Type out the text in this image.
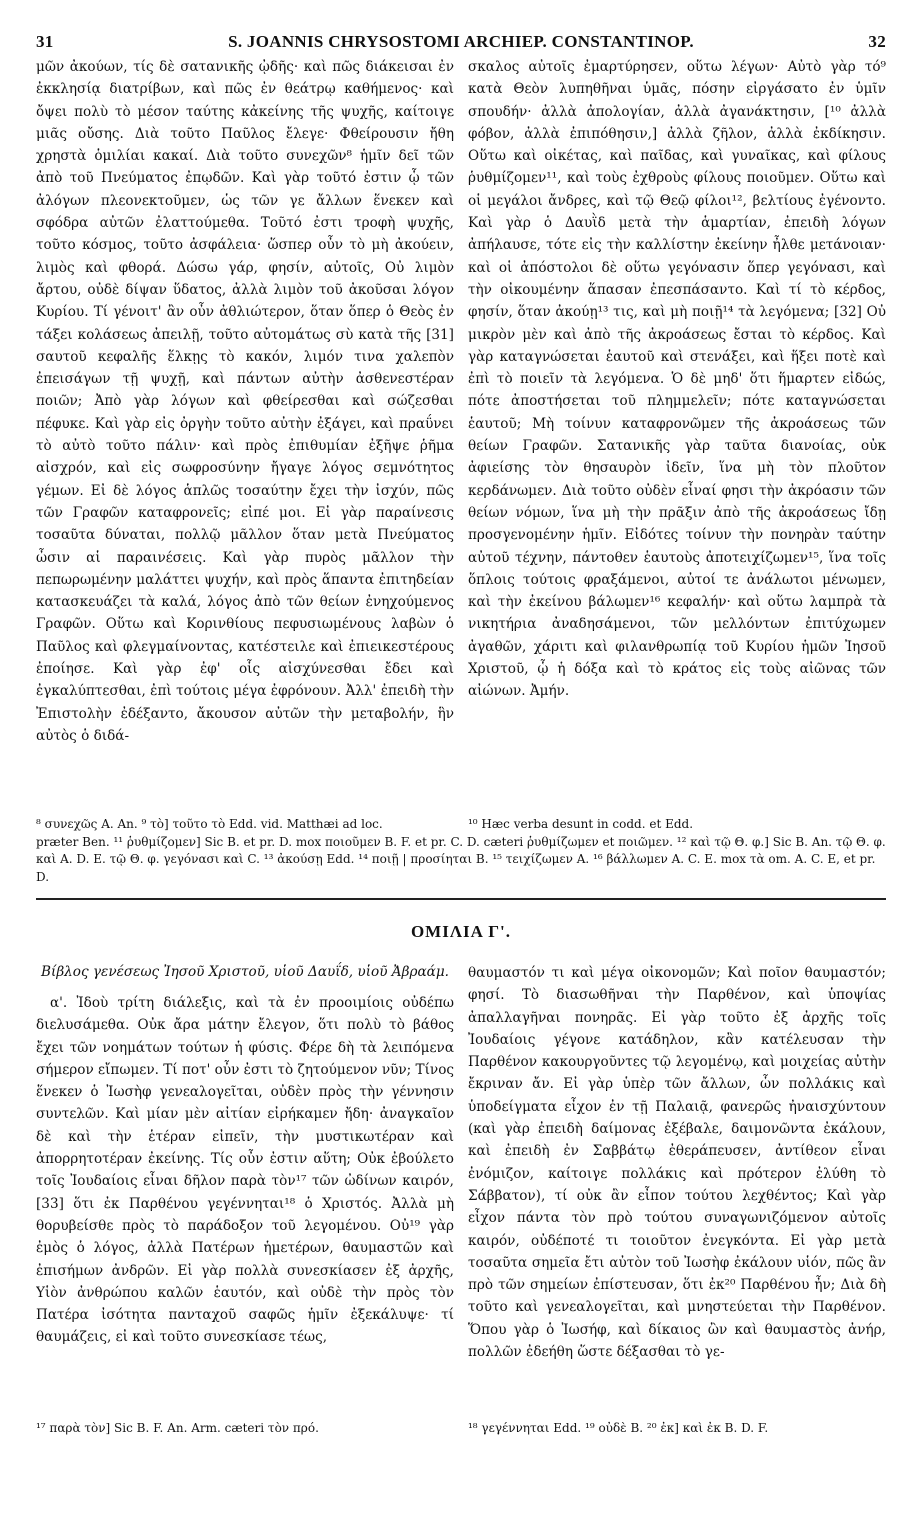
31	S. JOANNIS CHRYSOSTOMI ARCHIEP. CONSTANTINOP.	32

μῶν ἀκούων, τίς δὲ σατανικῆς ᾠδῆς· καὶ πῶς διάκεισαι ἐν ἐκκλησίᾳ διατρίβων, καὶ πῶς ἐν θεάτρῳ καθήμενος· καὶ ὄψει πολὺ τὸ μέσον ταύτης κἀκείνης τῆς ψυχῆς, καίτοιγε μιᾶς οὔσης. Διὰ τοῦτο Παῦλος ἔλεγε· Φθείρουσιν ἤθη χρηστὰ ὁμιλίαι κακαί. Διὰ τοῦτο συνεχῶν⁸ ἡμῖν δεῖ τῶν ἀπὸ τοῦ Πνεύματος ἐπῳδῶν. Καὶ γὰρ τοῦτό ἐστιν ᾧ τῶν ἀλόγων πλεονεκτοῦμεν, ὡς τῶν γε ἄλλων ἕνεκεν καὶ σφόδρα αὐτῶν ἐλαττούμεθα. Τοῦτό ἐστι τροφὴ ψυχῆς, τοῦτο κόσμος, τοῦτο ἀσφάλεια· ὥσπερ οὖν τὸ μὴ ἀκούειν, λιμὸς καὶ φθορά. Δώσω γάρ, φησίν, αὐτοῖς, Οὐ λιμὸν ἄρτου, οὐδὲ δίψαν ὕδατος, ἀλλὰ λιμὸν τοῦ ἀκοῦσαι λόγον Κυρίου. Τί γένοιτ' ἂν οὖν ἀθλιώτερον, ὅταν ὅπερ ὁ Θεὸς ἐν τάξει κολάσεως ἀπειλῇ, τοῦτο αὐτομάτως σὺ κατὰ τῆς [31] σαυτοῦ κεφαλῆς ἕλκῃς τὸ κακόν, λιμόν τινα χαλεπὸν ἐπεισάγων τῇ ψυχῇ, καὶ πάντων αὐτὴν ἀσθενεστέραν ποιῶν; Ἀπὸ γὰρ λόγων καὶ φθείρεσθαι καὶ σώζεσθαι πέφυκε. Καὶ γὰρ εἰς ὀργὴν τοῦτο αὐτὴν ἐξάγει, καὶ πραΰνει τὸ αὐτὸ τοῦτο πάλιν· καὶ πρὸς ἐπιθυμίαν ἐξῆψε ῥῆμα αἰσχρόν, καὶ εἰς σωφροσύνην ἤγαγε λόγος σεμνότητος γέμων. Εἰ δὲ λόγος ἁπλῶς τοσαύτην ἔχει τὴν ἰσχύν, πῶς τῶν Γραφῶν καταφρονεῖς; εἰπέ μοι. Εἰ γὰρ παραίνεσις τοσαῦτα δύναται, πολλῷ μᾶλλον ὅταν μετὰ Πνεύματος ὦσιν αἱ παραινέσεις. Καὶ γὰρ πυρὸς μᾶλλον τὴν πεπωρωμένην μαλάττει ψυχήν, καὶ πρὸς ἅπαντα ἐπιτηδείαν κατασκευάζει τὰ καλά, λόγος ἀπὸ τῶν θείων ἐνηχούμενος Γραφῶν. Οὕτω καὶ Κορινθίους πεφυσιωμένους λαβὼν ὁ Παῦλος καὶ φλεγμαίνοντας, κατέστειλε καὶ ἐπιεικεστέρους ἐποίησε. Καὶ γὰρ ἐφ' οἷς αἰσχύνεσθαι ἔδει καὶ ἐγκαλύπτεσθαι, ἐπὶ τούτοις μέγα ἐφρόνουν. Ἀλλ' ἐπειδὴ τὴν Ἐπιστολὴν ἐδέξαντο, ἄκουσον αὐτῶν τὴν μεταβολήν, ἣν αὐτὸς ὁ διδά-

σκαλος αὐτοῖς ἐμαρτύρησεν, οὕτω λέγων· Αὐτὸ γὰρ τό⁹ κατὰ Θεὸν λυπηθῆναι ὑμᾶς, πόσην εἰργάσατο ἐν ὑμῖν σπουδήν· ἀλλὰ ἀπολογίαν, ἀλλὰ ἀγανάκτησιν, [¹⁰ ἀλλὰ φόβον, ἀλλὰ ἐπιπόθησιν,] ἀλλὰ ζῆλον, ἀλλὰ ἐκδίκησιν. Οὕτω καὶ οἰκέτας, καὶ παῖδας, καὶ γυναῖκας, καὶ φίλους ῥυθμίζομεν¹¹, καὶ τοὺς ἐχθροὺς φίλους ποιοῦμεν. Οὕτω καὶ οἱ μεγάλοι ἄνδρες, καὶ τῷ Θεῷ φίλοι¹², βελτίους ἐγένοντο. Καὶ γὰρ ὁ Δαυῒδ μετὰ τὴν ἁμαρτίαν, ἐπειδὴ λόγων ἀπήλαυσε, τότε εἰς τὴν καλλίστην ἐκείνην ἦλθε μετάνοιαν· καὶ οἱ ἀπόστολοι δὲ οὕτω γεγόνασιν ὅπερ γεγόνασι, καὶ τὴν οἰκουμένην ἅπασαν ἐπεσπάσαντο. Καὶ τί τὸ κέρδος, φησίν, ὅταν ἀκούῃ¹³ τις, καὶ μὴ ποιῇ¹⁴ τὰ λεγόμενα; [32] Οὐ μικρὸν μὲν καὶ ἀπὸ τῆς ἀκροάσεως ἔσται τὸ κέρδος. Καὶ γὰρ καταγνώσεται ἑαυτοῦ καὶ στενάξει, καὶ ἥξει ποτὲ καὶ ἐπὶ τὸ ποιεῖν τὰ λεγόμενα. Ὁ δὲ μηδ' ὅτι ἥμαρτεν εἰδώς, πότε ἀποστήσεται τοῦ πλημμελεῖν; πότε καταγνώσεται ἑαυτοῦ; Μὴ τοίνυν καταφρονῶμεν τῆς ἀκροάσεως τῶν θείων Γραφῶν. Σατανικῆς γὰρ ταῦτα διανοίας, οὐκ ἀφιείσης τὸν θησαυρὸν ἰδεῖν, ἵνα μὴ τὸν πλοῦτον κερδάνωμεν. Διὰ τοῦτο οὐδὲν εἶναί φησι τὴν ἀκρόασιν τῶν θείων νόμων, ἵνα μὴ τὴν πρᾶξιν ἀπὸ τῆς ἀκροάσεως ἴδῃ προσγενομένην ἡμῖν. Εἰδότες τοίνυν τὴν πονηρὰν ταύτην αὐτοῦ τέχνην, πάντοθεν ἑαυτοὺς ἀποτειχίζωμεν¹⁵, ἵνα τοῖς ὅπλοις τούτοις φραξάμενοι, αὐτοί τε ἀνάλωτοι μένωμεν, καὶ τὴν ἐκείνου βάλωμεν¹⁶ κεφαλήν· καὶ οὕτω λαμπρὰ τὰ νικητήρια ἀναδησάμενοι, τῶν μελλόντων ἐπιτύχωμεν ἀγαθῶν, χάριτι καὶ φιλανθρωπίᾳ τοῦ Κυρίου ἡμῶν Ἰησοῦ Χριστοῦ, ᾧ ἡ δόξα καὶ τὸ κράτος εἰς τοὺς αἰῶνας τῶν αἰώνων. Ἀμήν.

⁸ συνεχῶς A. An. ⁹ τὸ] τοῦτο τὸ Edd. vid. Matthæi ad loc.	¹⁰ Hæc verba desunt in codd. et Edd.
præter Ben. ¹¹ ῥυθμίζομεν] Sic B. et pr. D. mox ποιοῦμεν B. F. et pr. C. D. cæteri ῥυθμίζωμεν et ποιῶμεν. ¹² καὶ τῷ Θ. φ.] Sic B. An. τῷ Θ. φ. καὶ A. D. E. τῷ Θ. φ. γεγόνασι καὶ C. ¹³ ἀκούσῃ Edd. ¹⁴ ποιῇ | προσίηται B. ¹⁵ τειχίζωμεν A. ¹⁶ βάλλωμεν A. C. E. mox τὰ om. A. C. E, et pr. D.
ΟΜΙΛΙΑ Γ'.
Βίβλος γενέσεως Ἰησοῦ Χριστοῦ, υἱοῦ Δαυΐδ, υἱοῦ Ἀβραάμ.

α'. Ἰδοὺ τρίτη διάλεξις, καὶ τὰ ἐν προοιμίοις οὐδέπω διελυσάμεθα. Οὐκ ἄρα μάτην ἔλεγον, ὅτι πολὺ τὸ βάθος ἔχει τῶν νοημάτων τούτων ἡ φύσις. Φέρε δὴ τὰ λειπόμενα σήμερον εἴπωμεν. Τί ποτ' οὖν ἐστι τὸ ζητούμενον νῦν; Τίνος ἕνεκεν ὁ Ἰωσὴφ γενεαλογεῖται, οὐδὲν πρὸς τὴν γέννησιν συντελῶν. Καὶ μίαν μὲν αἰτίαν εἰρήκαμεν ἤδη· ἀναγκαῖον δὲ καὶ τὴν ἑτέραν εἰπεῖν, τὴν μυστικωτέραν καὶ ἀπορρητοτέραν ἐκείνης. Τίς οὖν ἐστιν αὕτη; Οὐκ ἐβούλετο τοῖς Ἰουδαίοις εἶναι δῆλον παρὰ τὸν¹⁷ τῶν ὠδίνων καιρόν, [33] ὅτι ἐκ Παρθένου γεγέννηται¹⁸ ὁ Χριστός. Ἀλλὰ μὴ θορυβείσθε πρὸς τὸ παράδοξον τοῦ λεγομένου. Οὐ¹⁹ γὰρ ἐμὸς ὁ λόγος, ἀλλὰ Πατέρων ἡμετέρων, θαυμαστῶν καὶ ἐπισήμων ἀνδρῶν. Εἰ γὰρ πολλὰ συνεσκίασεν ἐξ ἀρχῆς, Υἱὸν ἀνθρώπου καλῶν ἑαυτόν, καὶ οὐδὲ τὴν πρὸς τὸν Πατέρα ἰσότητα πανταχοῦ σαφῶς ἡμῖν ἐξεκάλυψε· τί θαυμάζεις, εἰ καὶ τοῦτο συνεσκίασε τέως,

θαυμαστόν τι καὶ μέγα οἰκονομῶν; Καὶ ποῖον θαυμαστόν; φησί. Τὸ διασωθῆναι τὴν Παρθένον, καὶ ὑποψίας ἀπαλλαγῆναι πονηρᾶς. Εἰ γὰρ τοῦτο ἐξ ἀρχῆς τοῖς Ἰουδαίοις γέγονε κατάδηλον, κἂν κατέλευσαν τὴν Παρθένον κακουργοῦντες τῷ λεγομένῳ, καὶ μοιχείας αὐτὴν ἔκριναν ἄν. Εἰ γὰρ ὑπὲρ τῶν ἄλλων, ὧν πολλάκις καὶ ὑποδείγματα εἶχον ἐν τῇ Παλαιᾷ, φανερῶς ἠναισχύντουν (καὶ γὰρ ἐπειδὴ δαίμονας ἐξέβαλε, δαιμονῶντα ἐκάλουν, καὶ ἐπειδὴ ἐν Σαββάτῳ ἐθεράπευσεν, ἀντίθεον εἶναι ἐνόμιζον, καίτοιγε πολλάκις καὶ πρότερον ἐλύθη τὸ Σάββατον), τί οὐκ ἂν εἶπον τούτου λεχθέντος; Καὶ γὰρ εἶχον πάντα τὸν πρὸ τούτου συναγωνιζόμενον αὐτοῖς καιρόν, οὐδέποτέ τι τοιοῦτον ἐνεγκόντα. Εἰ γὰρ μετὰ τοσαῦτα σημεῖα ἔτι αὐτὸν τοῦ Ἰωσὴφ ἐκάλουν υἱόν, πῶς ἂν πρὸ τῶν σημείων ἐπίστευσαν, ὅτι ἐκ²⁰ Παρθένου ἦν; Διὰ δὴ τοῦτο καὶ γενεαλογεῖται, καὶ μνηστεύεται τὴν Παρθένον. Ὅπου γὰρ ὁ Ἰωσήφ, καὶ δίκαιος ὢν καὶ θαυμαστὸς ἀνήρ, πολλῶν ἐδεήθη ὥστε δέξασθαι τὸ γε-

¹⁷ παρὰ τὸν] Sic B. F. An. Arm. cæteri τὸν πρό.	¹⁸ γεγέννηται Edd. ¹⁹ οὐδὲ B. ²⁰ ἐκ] καὶ ἐκ B. D. F.
